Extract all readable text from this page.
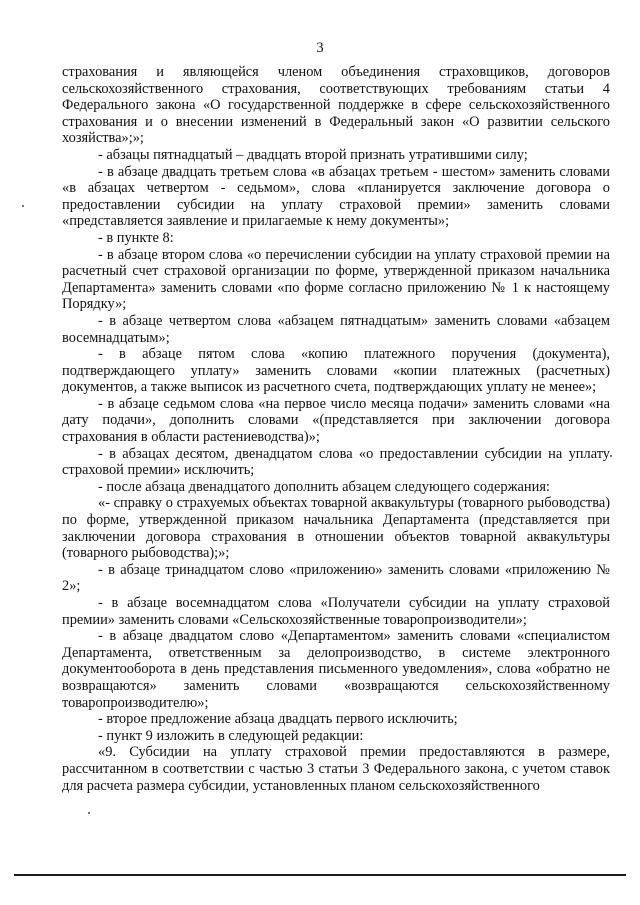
3

страхования и являющейся членом объединения страховщиков, договоров сельскохозяйственного страхования, соответствующих требованиям статьи 4 Федерального закона «О государственной поддержке в сфере сельскохозяйственного страхования и о внесении изменений в Федеральный закон «О развитии сельского хозяйства»;»;

- абзацы пятнадцатый – двадцать второй признать утратившими силу;

- в абзаце двадцать третьем слова «в абзацах третьем - шестом» заменить словами «в абзацах четвертом - седьмом», слова «планируется заключение договора о предоставлении субсидии на уплату страховой премии» заменить словами «представляется заявление и прилагаемые к нему документы»;

- в пункте 8:

- в абзаце втором слова «о перечислении субсидии на уплату страховой премии на расчетный счет страховой организации по форме, утвержденной приказом начальника Департамента» заменить словами «по форме согласно приложению № 1 к настоящему Порядку»;

- в абзаце четвертом слова «абзацем пятнадцатым» заменить словами «абзацем восемнадцатым»;

- в абзаце пятом слова «копию платежного поручения (документа), подтверждающего уплату» заменить словами «копии платежных (расчетных) документов, а также выписок из расчетного счета, подтверждающих уплату не менее»;

- в абзаце седьмом слова «на первое число месяца подачи» заменить словами «на дату подачи», дополнить словами «(представляется при заключении договора страхования в области растениеводства)»;

- в абзацах десятом, двенадцатом слова «о предоставлении субсидии на уплату страховой премии» исключить;

- после абзаца двенадцатого дополнить абзацем следующего содержания:

«- справку о страхуемых объектах товарной аквакультуры (товарного рыбоводства) по форме, утвержденной приказом начальника Департамента (представляется при заключении договора страхования в отношении объектов товарной аквакультуры (товарного рыбоводства);»;

- в абзаце тринадцатом слово «приложению» заменить словами «приложению № 2»;

- в абзаце восемнадцатом слова «Получатели субсидии на уплату страховой премии» заменить словами «Сельскохозяйственные товаропроизводители»;

- в абзаце двадцатом слово «Департаментом» заменить словами «специалистом Департамента, ответственным за делопроизводство, в системе электронного документооборота в день представления письменного уведомления», слова «обратно не возвращаются» заменить словами «возвращаются сельскохозяйственному товаропроизводителю»;

- второе предложение абзаца двадцать первого исключить;

- пункт 9 изложить в следующей редакции:

«9. Субсидии на уплату страховой премии предоставляются в размере, рассчитанном в соответствии с частью 3 статьи 3 Федерального закона, с учетом ставок для расчета размера субсидии, установленных планом сельскохозяйственного
